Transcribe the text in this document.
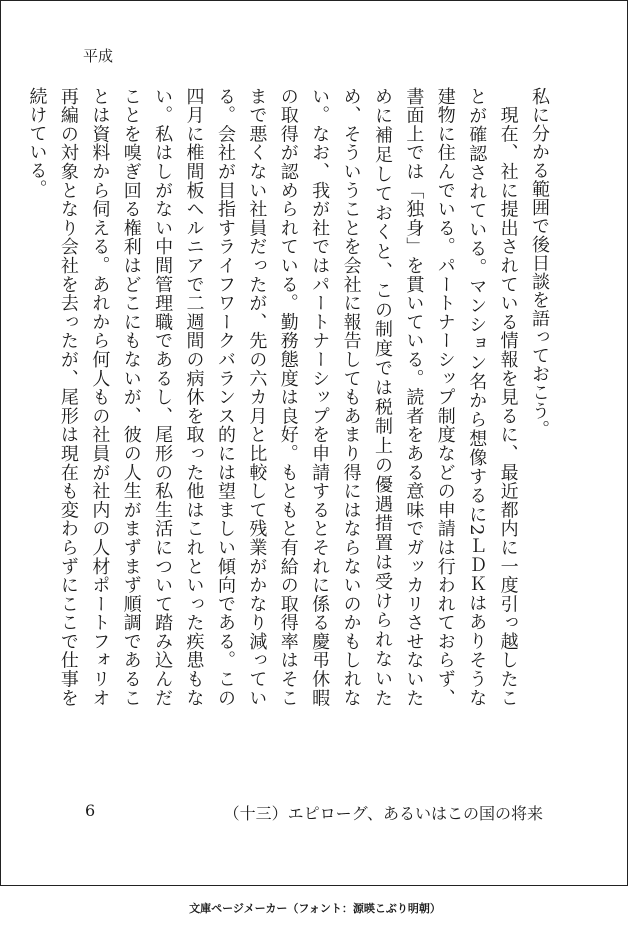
平成

私に分かる範囲で後日談を語っておこう。

　現在、社に提出されている情報を見るに、最近都内に一度引っ越したことが確認されている。マンション名から想像するに2ＬＤＫはありそうな建物に住んでいる。パートナーシップ制度などの申請は行われておらず、書面上では「独身」を貫いている。読者をある意味でガッカリさせないために補足しておくと、この制度では税制上の優遇措置は受けられないため、そういうことを会社に報告してもあまり得にはならないのかもしれない。なお、我が社ではパートナーシップを申請するとそれに係る慶弔休暇の取得が認められている。勤務態度は良好。もともと有給の取得率はそこまで悪くない社員だったが、先の六カ月と比較して残業がかなり減っている。会社が目指すライフワークバランス的には望ましい傾向である。この四月に椎間板ヘルニアで二週間の病休を取った他はこれといった疾患もない。私はしがない中間管理職であるし、尾形の私生活について踏み込んだことを嗅ぎ回る権利はどこにもないが、彼の人生がまずまず順調であることは資料から伺える。あれから何人もの社員が社内の人材ポートフォリオ再編の対象となり会社を去ったが、尾形は現在も変わらずにここで仕事を続けている。

6	（十三）エピローグ、あるいはこの国の将来
文庫ページメーカー（フォント：源暎こぶり明朝）
